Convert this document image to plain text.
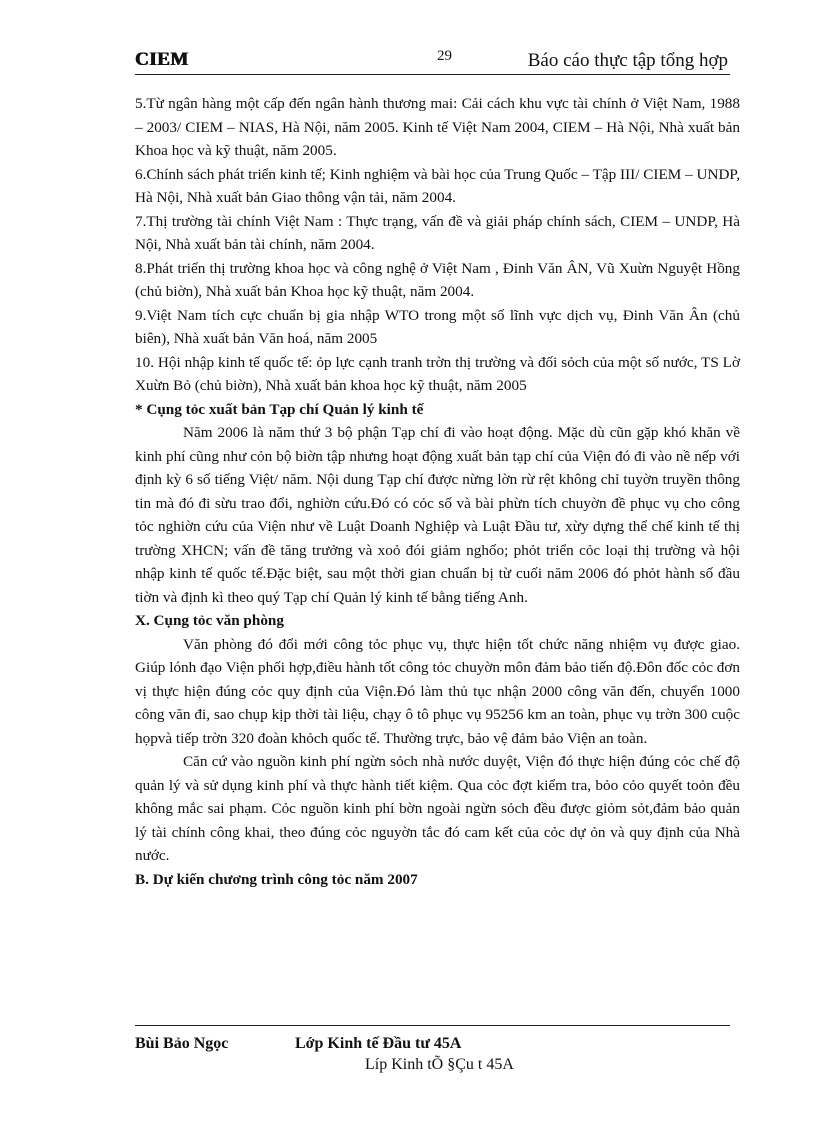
CIEM	29	Báo cáo thực tập tổng hợp

5.Từ ngân hàng một cấp đến ngân hành thương mai: Cải cách khu vực tài chính ở Việt Nam, 1988 – 2003/ CIEM – NIAS, Hà Nội, năm 2005. Kinh tế Việt Nam 2004, CIEM – Hà Nội, Nhà xuất bản Khoa học và kỹ thuật, năm 2005.

6.Chính sách phát triển kinh tế; Kinh nghiệm và bài học của Trung Quốc – Tập III/ CIEM – UNDP, Hà Nội, Nhà xuất bản Giao thông vận tải, năm 2004.

7.Thị trường tài chính Việt Nam : Thực trạng, vấn đề và giải pháp chính sách, CIEM – UNDP, Hà Nội, Nhà xuất bản tài chính, năm 2004.

8.Phát triển thị trường khoa học và công nghệ ở Việt Nam , Đinh Văn ÂN, Vũ Xuừn Nguyệt Hồng (chủ biờn), Nhà xuất bản Khoa học kỹ thuật, năm 2004.

9.Việt Nam tích cực chuẩn bị gia nhập WTO trong một số lĩnh vực dịch vụ, Đinh Văn Ân (chủ biên), Nhà xuất bản Văn hoá, năm 2005

10. Hội nhập kinh tế quốc tế: ỏp lực cạnh tranh trờn thị trường và đối sỏch của một số nước, TS Lờ Xuừn Bỏ (chủ biờn), Nhà xuất bản khoa học kỹ thuật, năm 2005

* Cụng tỏc xuất bản Tạp chí Quản lý kinh tế

Năm 2006 là năm thứ 3 bộ phận Tạp chí đi vào hoạt động. Mặc dù cũn gặp khó khăn về kinh phí cũng như cỏn bộ biờn tập nhưng hoạt động xuất bản tạp chí của Viện đó đi vào nề nếp với định kỳ 6 số tiếng Việt/ năm. Nội dung Tạp chí được nừng lờn rừ rệt không chỉ tuyờn truyền thông tin mà đó đi sừu trao đổi, nghiờn cứu.Đó có cỏc số và bài phừn tích chuyờn đề phục vụ cho công tỏc nghiờn cứu của Viện như về Luật Doanh Nghiệp và Luật Đầu tư, xừy dựng thể chế kinh tế thị trường XHCN; vấn đề tăng trưởng và xoỏ đói giảm nghốo; phỏt triển cỏc loại thị trường và hội nhập kinh tế quốc tế.Đặc biệt, sau một thời gian chuẩn bị từ cuối năm 2006 đó phỏt hành số đầu tiờn và định kì theo quý Tạp chí Quản lý kinh tế bằng tiếng Anh.

X. Cụng tỏc văn phòng

Văn phòng đó đổi mới công tỏc phục vụ, thực hiện tốt chức năng nhiệm vụ được giao. Giúp lónh đạo Viện phối hợp,điều hành tốt công tỏc chuyờn môn đảm bảo tiến độ.Đôn đốc cỏc đơn vị thực hiện đúng cỏc quy định của Viện.Đó làm thủ tục nhận 2000 công văn đến, chuyển 1000 công văn đi, sao chụp kịp thời tài liệu, chạy ô tô phục vụ 95256 km an toàn, phục vụ trờn 300 cuộc họpvà tiếp trờn 320 đoàn khỏch quốc tế. Thường trực, bảo vệ đảm bảo Viện an toàn.

Căn cứ vào nguồn kinh phí ngừn sỏch nhà nước duyệt, Viện đó thực hiện đúng cỏc chế độ quản lý và sử dụng kinh phí và thực hành tiết kiệm. Qua cỏc đợt kiểm tra, bỏo cỏo quyết toỏn đều không mắc sai phạm. Cỏc nguồn kinh phí bờn ngoài ngừn sỏch đều được giỏm sỏt,đảm bảo quản lý tài chính công khai, theo đúng cỏc nguyờn tắc đó cam kết của cỏc dự ỏn và quy định của Nhà nước.

B. Dự kiến chương trình công tỏc năm 2007

Bùi Bảo Ngọc	Lớp Kinh tế Đầu tư 45A
Líp Kinh tÕ §Çu t 45A
